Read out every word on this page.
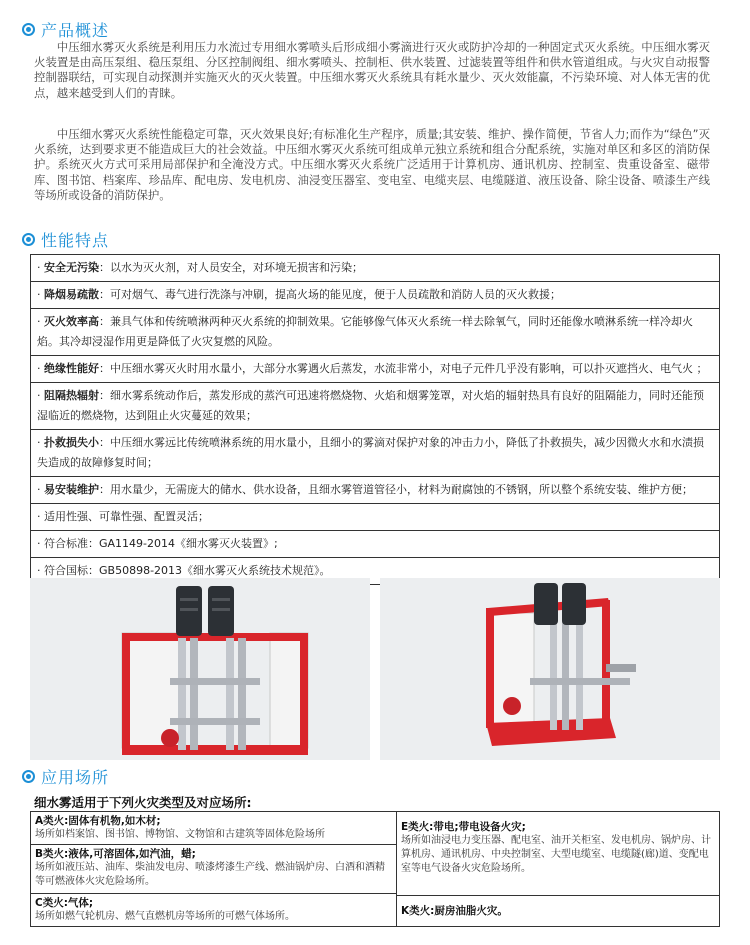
产品概述

中压细水雾灭火系统是利用压力水流过专用细水雾喷头后形成细小雾滴进行灭火或防护冷却的一种固定式灭火系统。中压细水雾灭火装置是由高压泵组、稳压泵组、分区控制阀组、细水雾喷头、控制柜、供水装置、过滤装置等组件和供水管道组成。与火灾自动报警控制器联结，可实现自动探测并实施灭火的灭火装置。中压细水雾灭火系统具有耗水量少、灭火效能赢，不污染环境、对人体无害的优点，越来越受到人们的青睐。

中压细水雾灭火系统性能稳定可靠，灭火效果良好;有标准化生产程序，质量;其安装、维护、操作简便，节省人力;而作为“绿色”灭火系统，达到要求更不能造成巨大的社会效益。中压细水雾灭火系统可组成单元独立系统和组合分配系统，实施对单区和多区的消防保护。系统灭火方式可采用局部保护和全淹没方式。中压细水雾灭火系统广泛适用于计算机房、通讯机房、控制室、贵重设备室、磁带库、图书馆、档案库、珍品库、配电房、发电机房、油浸变压器室、变电室、电缆夹层、电缆隧道、液压设备、除尘设备、喷漆生产线等场所或设备的消防保护。

性能特点
· 安全无污染：以水为灭火剂，对人员安全，对环境无损害和污染；
· 降烟易疏散：可对烟气、毒气进行洗涤与冲刷，提高火场的能见度，便于人员疏散和消防人员的灭火救援；
· 灭火效率高：兼具气体和传统喷淋两种灭火系统的抑制效果。它能够像气体灭火系统一样去除氧气，同时还能像水喷淋系统一样冷却火焰。其冷却浸湿作用更是降低了火灾复燃的风险。
· 绝缘性能好：中压细水雾灭火时用水量小，大部分水雾遇火后蒸发，水流非常小，对电子元件几乎没有影响，可以扑灭遮挡火、电气火 ；
· 阻隔热辐射：细水雾系统动作后，蒸发形成的蒸汽可迅速将燃烧物、火焰和烟雾笼罩，对火焰的辐射热具有良好的阻隔能力，同时还能预湿临近的燃烧物，达到阻止火灾蔓延的效果；
· 扑救损失小：中压细水雾远比传统喷淋系统的用水量小，且细小的雾滴对保护对象的冲击力小，降低了扑救损失，减少因微火水和水渍损失造成的故障修复时间；
· 易安装维护：用水量少，无需庞大的储水、供水设备，且细水雾管道管径小，材料为耐腐蚀的不锈钢，所以整个系统安装、维护方便；
· 适用性强、可靠性强、配置灵活；
· 符合标准：GA1149-2014《细水雾灭火装置》;
· 符合国标：GB50898-2013《细水雾灭火系统技术规范》。
应用场所
细水雾适用于下列火灾类型及对应场所:
A类火:固体有机物,如木材;
场所如档案馆、图书馆、博物馆、文物馆和古建筑等固体危险场所
B类火:液体,可溶固体,如汽油，蜡;
场所如液压站、油库、柴油发电房、喷漆烤漆生产线、燃油锅炉房、白酒和酒精等可燃液体火灾危险场所。
C类火:气体;
场所如燃气轮机房、燃气直燃机房等场所的可燃气体场所。
E类火:带电;带电设备火灾;
场所如油浸电力变压器、配电室、油开关柜室、发电机房、锅炉房、计算机房、通讯机房、中央控制室、大型电缆室、电缆隧(廊)道、变配电室等电气设备火灾危险场所。
K类火:厨房油脂火灾。
